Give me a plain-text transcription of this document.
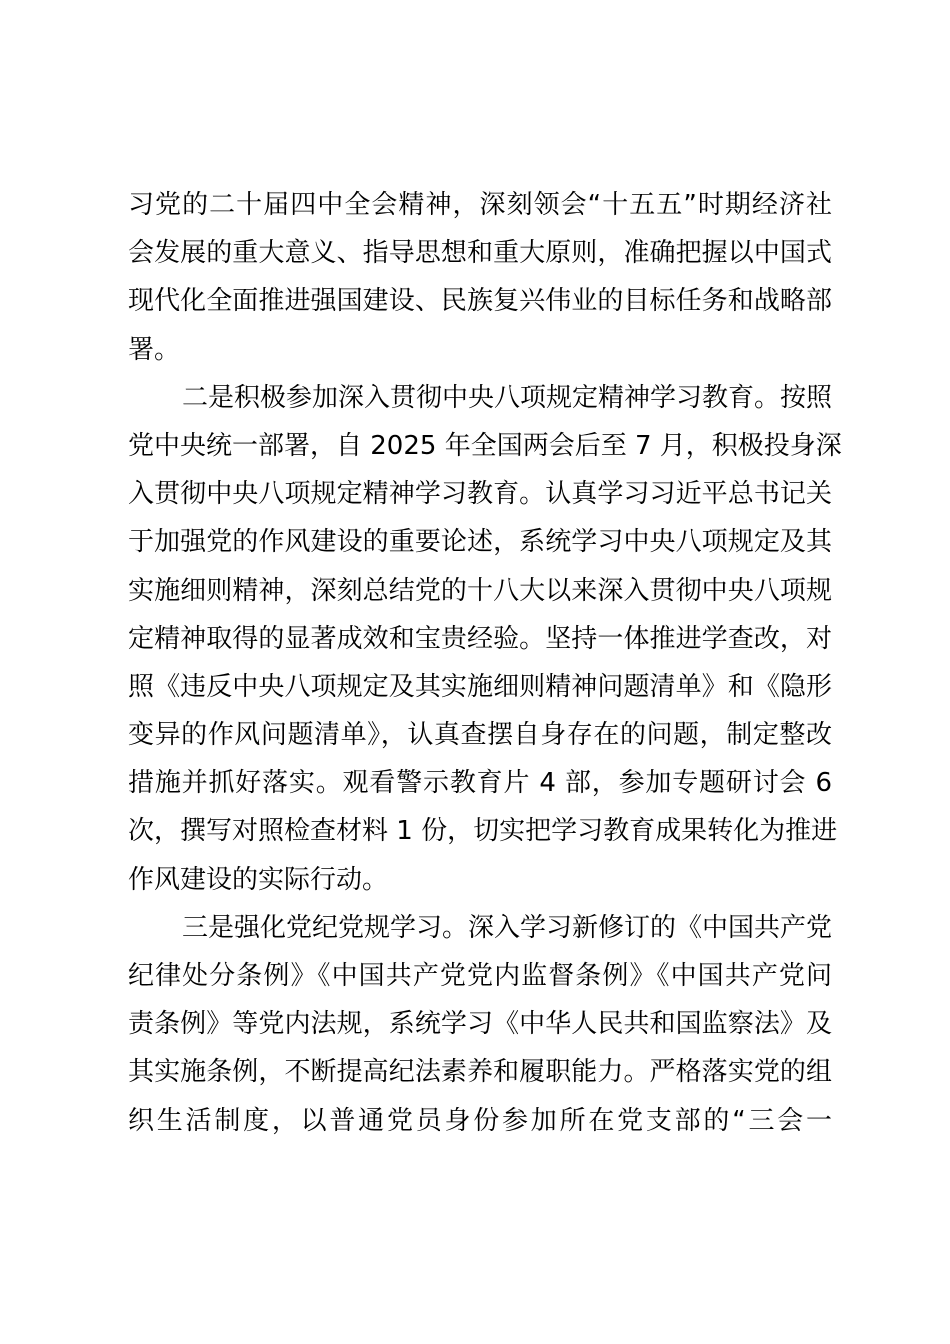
习党的二十届四中全会精神，深刻领会“十五五”时期经济社
会发展的重大意义、指导思想和重大原则，准确把握以中国式
现代化全面推进强国建设、民族复兴伟业的目标任务和战略部
署。
二是积极参加深入贯彻中央八项规定精神学习教育。按照
党中央统一部署，自 2025 年全国两会后至 7 月，积极投身深
入贯彻中央八项规定精神学习教育。认真学习习近平总书记关
于加强党的作风建设的重要论述，系统学习中央八项规定及其
实施细则精神，深刻总结党的十八大以来深入贯彻中央八项规
定精神取得的显著成效和宝贵经验。坚持一体推进学查改，对
照《违反中央八项规定及其实施细则精神问题清单》和《隐形
变异的作风问题清单》，认真查摆自身存在的问题，制定整改
措施并抓好落实。观看警示教育片 4 部，参加专题研讨会 6
次，撰写对照检查材料 1 份，切实把学习教育成果转化为推进
作风建设的实际行动。
三是强化党纪党规学习。深入学习新修订的《中国共产党
纪律处分条例》《中国共产党党内监督条例》《中国共产党问
责条例》等党内法规，系统学习《中华人民共和国监察法》及
其实施条例，不断提高纪法素养和履职能力。严格落实党的组
织生活制度，以普通党员身份参加所在党支部的“三会一
